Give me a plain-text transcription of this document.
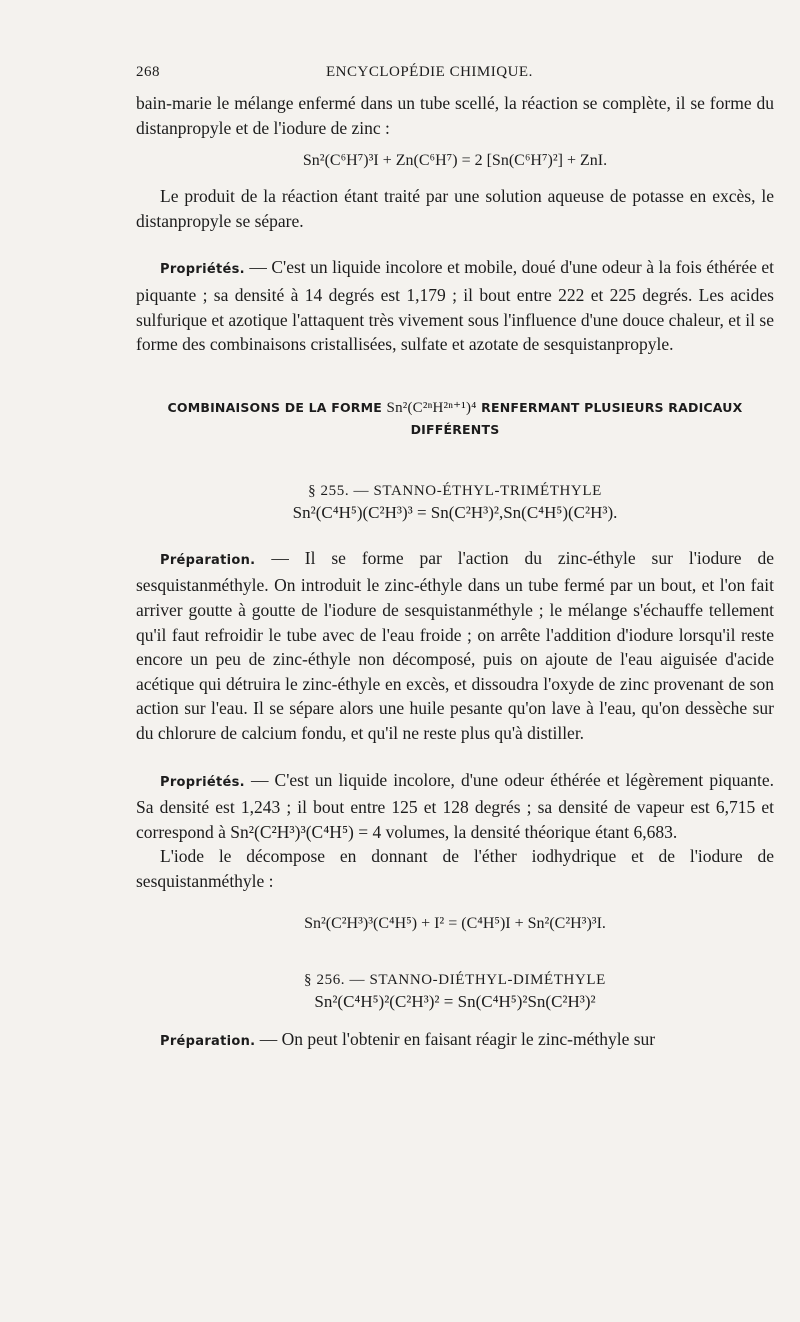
268	ENCYCLOPÉDIE CHIMIQUE.

bain-marie le mélange enfermé dans un tube scellé, la réaction se complète, il se forme du distanpropyle et de l'iodure de zinc :

Sn²(C⁶H⁷)³I + Zn(C⁶H⁷) = 2 [Sn(C⁶H⁷)²] + ZnI.

Le produit de la réaction étant traité par une solution aqueuse de potasse en excès, le distanpropyle se sépare.

Propriétés. — C'est un liquide incolore et mobile, doué d'une odeur à la fois éthérée et piquante ; sa densité à 14 degrés est 1,179 ; il bout entre 222 et 225 degrés. Les acides sulfurique et azotique l'attaquent très vivement sous l'influence d'une douce chaleur, et il se forme des combinaisons cristallisées, sulfate et azotate de sesquistanpropyle.

COMBINAISONS DE LA FORME Sn²(C²ⁿH²ⁿ⁺¹)⁴ RENFERMANT PLUSIEURS RADICAUX
DIFFÉRENTS
§ 255. — STANNO-ÉTHYL-TRIMÉTHYLE
Sn²(C⁴H⁵)(C²H³)³ = Sn(C²H³)²,Sn(C⁴H⁵)(C²H³).

Préparation. — Il se forme par l'action du zinc-éthyle sur l'iodure de sesquistanméthyle. On introduit le zinc-éthyle dans un tube fermé par un bout, et l'on fait arriver goutte à goutte de l'iodure de sesquistanméthyle ; le mélange s'échauffe tellement qu'il faut refroidir le tube avec de l'eau froide ; on arrête l'addition d'iodure lorsqu'il reste encore un peu de zinc-éthyle non décomposé, puis on ajoute de l'eau aiguisée d'acide acétique qui détruira le zinc-éthyle en excès, et dissoudra l'oxyde de zinc provenant de son action sur l'eau. Il se sépare alors une huile pesante qu'on lave à l'eau, qu'on dessèche sur du chlorure de calcium fondu, et qu'il ne reste plus qu'à distiller.

Propriétés. — C'est un liquide incolore, d'une odeur éthérée et légèrement piquante. Sa densité est 1,243 ; il bout entre 125 et 128 degrés ; sa densité de vapeur est 6,715 et correspond à Sn²(C²H³)³(C⁴H⁵) = 4 volumes, la densité théorique étant 6,683.

L'iode le décompose en donnant de l'éther iodhydrique et de l'iodure de sesquistanméthyle :

Sn²(C²H³)³(C⁴H⁵) + I² = (C⁴H⁵)I + Sn²(C²H³)³I.
§ 256. — STANNO-DIÉTHYL-DIMÉTHYLE
Sn²(C⁴H⁵)²(C²H³)² = Sn(C⁴H⁵)²Sn(C²H³)²

Préparation. — On peut l'obtenir en faisant réagir le zinc-méthyle sur
